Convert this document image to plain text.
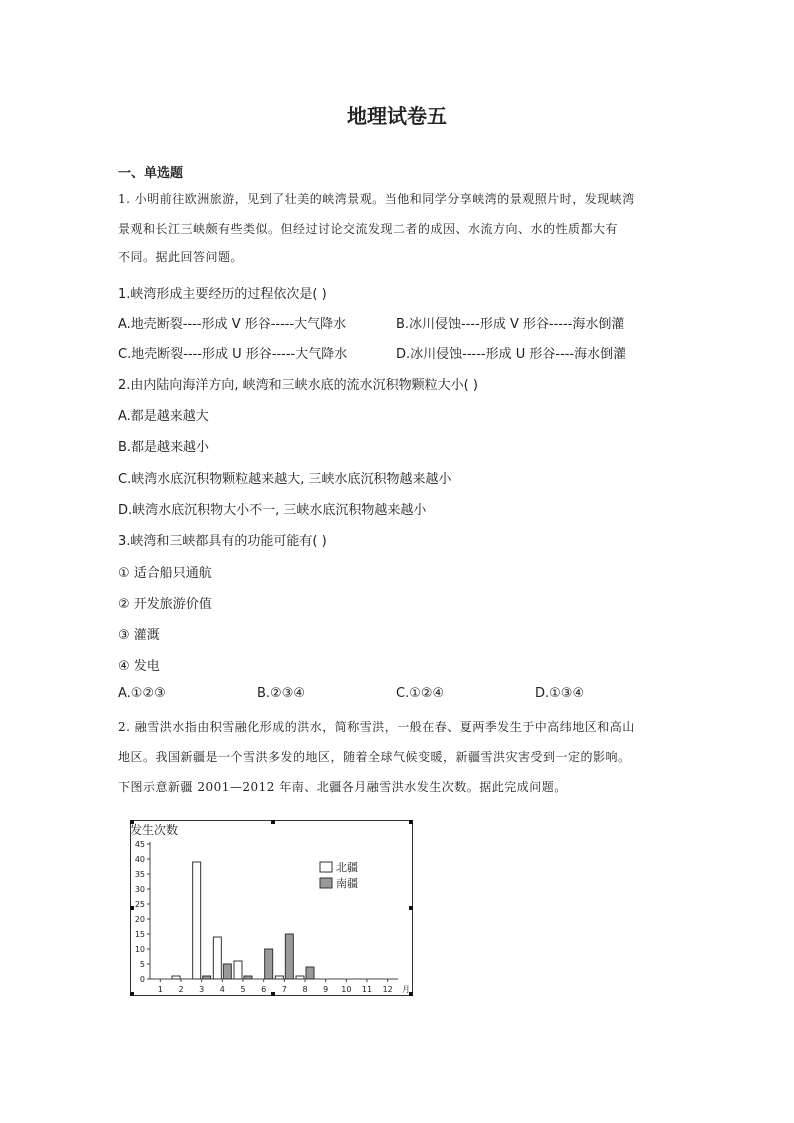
地理试卷五
一、单选题
1. 小明前往欧洲旅游，见到了壮美的峡湾景观。当他和同学分享峡湾的景观照片时，发现峡湾
景观和长江三峡颇有些类似。但经过讨论交流发现二者的成因、水流方向、水的性质都大有
不同。据此回答问题。
1.峡湾形成主要经历的过程依次是( )
A.地壳断裂----形成 V 形谷-----大气降水	B.冰川侵蚀----形成 V 形谷-----海水倒灌
C.地壳断裂----形成 U 形谷-----大气降水	D.冰川侵蚀-----形成 U 形谷----海水倒灌
2.由内陆向海洋方向, 峡湾和三峡水底的流水沉积物颗粒大小( )
A.都是越来越大
B.都是越来越小
C.峡湾水底沉积物颗粒越来越大, 三峡水底沉积物越来越小
D.峡湾水底沉积物大小不一, 三峡水底沉积物越来越小
3.峡湾和三峡都具有的功能可能有( )
① 适合船只通航
② 开发旅游价值
③ 灌溉
④ 发电
A.①②③	B.②③④	C.①②④	D.①③④
2. 融雪洪水指由积雪融化形成的洪水，简称雪洪，一般在春、夏两季发生于中高纬地区和高山
地区。我国新疆是一个雪洪多发的地区，随着全球气候变暖，新疆雪洪灾害受到一定的影响。
下图示意新疆 2001—2012 年南、北疆各月融雪洪水发生次数。据此完成问题。
发生次数
0
5
10
15
20
25
30
35
40
45
1 2 3 4 5 6 7 8 9 10 11 12 月
北疆
南疆
